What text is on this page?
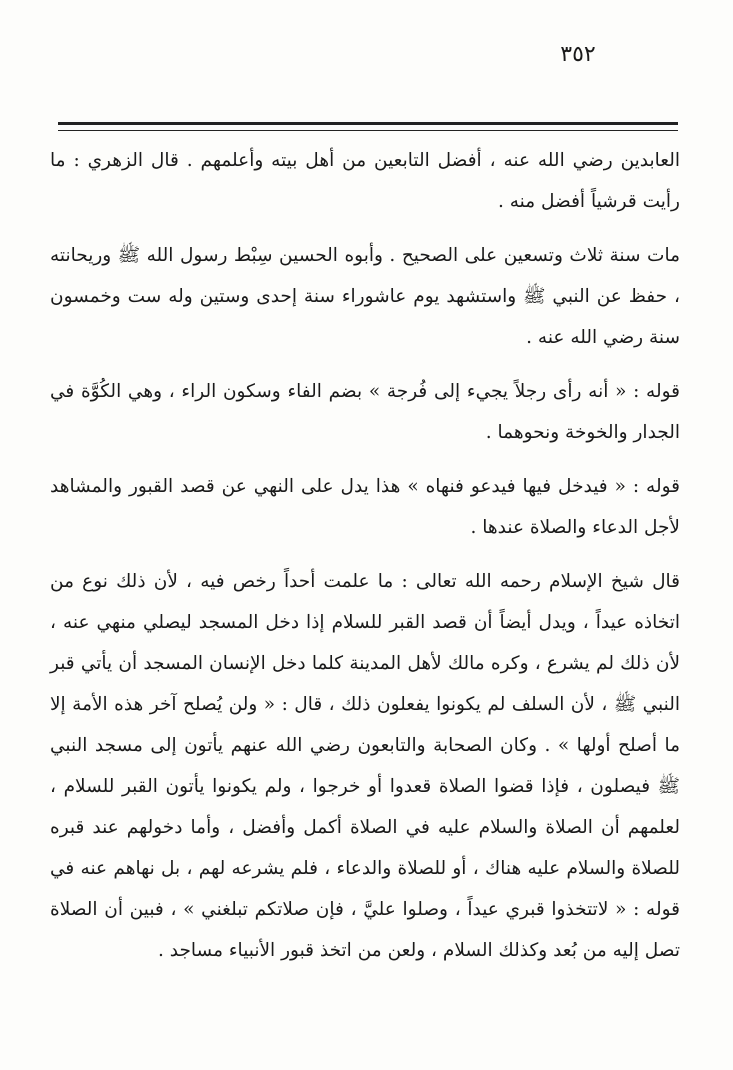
٣٥٢

العابدين رضي الله عنه ، أفضل التابعين من أهل بيته وأعلمهم . قال الزهري : ما رأيت قرشياً أفضل منه .

مات سنة ثلاث وتسعين على الصحيح . وأبوه الحسين سِبْط رسول الله ﷺ وريحانته ، حفظ عن النبي ﷺ واستشهد يوم عاشوراء سنة إحدى وستين وله ست وخمسون سنة رضي الله عنه .

قوله : « أنه رأى رجلاً يجيء إلى فُرجة » بضم الفاء وسكون الراء ، وهي الكُوَّة في الجدار والخوخة ونحوهما .

قوله : « فيدخل فيها فيدعو فنهاه » هذا يدل على النهي عن قصد القبور والمشاهد لأجل الدعاء والصلاة عندها .

قال شيخ الإسلام رحمه الله تعالى : ما علمت أحداً رخص فيه ، لأن ذلك نوع من اتخاذه عيداً ، ويدل أيضاً أن قصد القبر للسلام إذا دخل المسجد ليصلي منهي عنه ، لأن ذلك لم يشرع ، وكره مالك لأهل المدينة كلما دخل الإنسان المسجد أن يأتي قبر النبي ﷺ ، لأن السلف لم يكونوا يفعلون ذلك ، قال : « ولن يُصلح آخر هذه الأمة إلا ما أصلح أولها » . وكان الصحابة والتابعون رضي الله عنهم يأتون إلى مسجد النبي ﷺ فيصلون ، فإذا قضوا الصلاة قعدوا أو خرجوا ، ولم يكونوا يأتون القبر للسلام ، لعلمهم أن الصلاة والسلام عليه في الصلاة أكمل وأفضل ، وأما دخولهم عند قبره للصلاة والسلام عليه هناك ، أو للصلاة والدعاء ، فلم يشرعه لهم ، بل نهاهم عنه في قوله : « لاتتخذوا قبري عيداً ، وصلوا عليَّ ، فإن صلاتكم تبلغني » ، فبين أن الصلاة تصل إليه من بُعد وكذلك السلام ، ولعن من اتخذ قبور الأنبياء مساجد .
